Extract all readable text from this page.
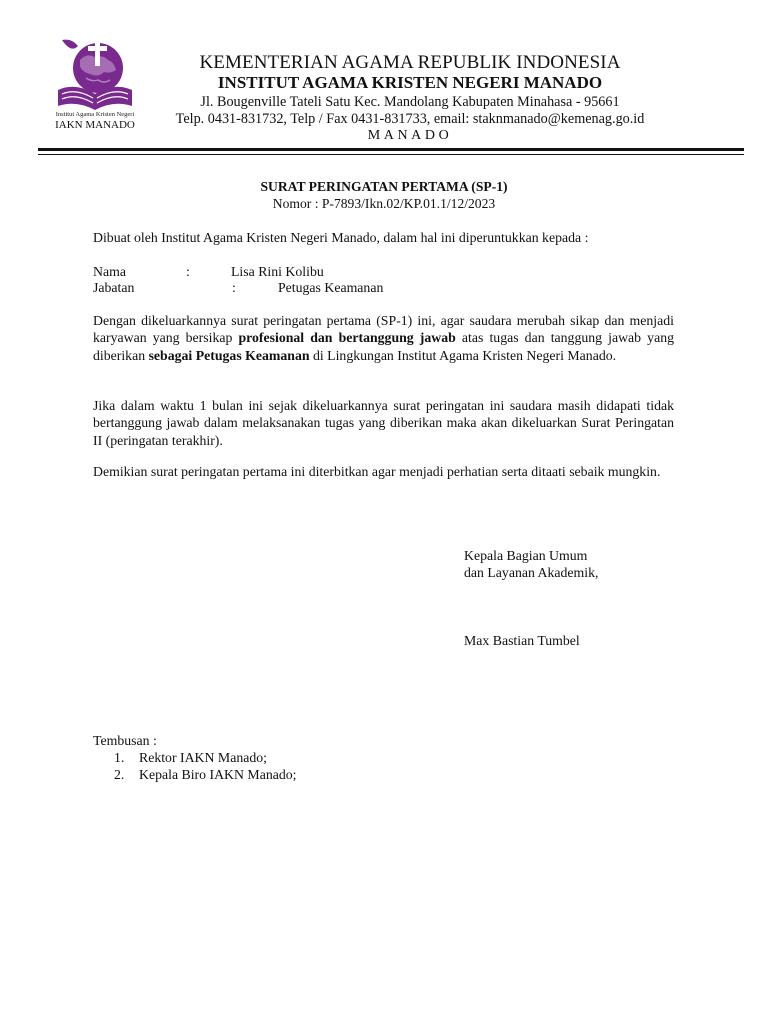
Institut Agama Kristen Negeri
IAKN MANADO
KEMENTERIAN AGAMA REPUBLIK INDONESIA
INSTITUT AGAMA KRISTEN NEGERI MANADO
Jl. Bougenville Tateli Satu Kec. Mandolang Kabupaten Minahasa - 95661
Telp. 0431-831732, Telp / Fax 0431-831733, email: staknmanado@kemenag.go.id
MANADO
SURAT PERINGATAN PERTAMA (SP-1)
Nomor : P-7893/Ikn.02/KP.01.1/12/2023
Dibuat oleh Institut Agama Kristen Negeri Manado, dalam hal ini diperuntukkan kepada :
Nama	:	Lisa Rini Kolibu
Jabatan	:	Petugas Keamanan
Dengan dikeluarkannya surat peringatan pertama (SP-1) ini, agar saudara merubah sikap dan menjadi karyawan yang bersikap profesional dan bertanggung jawab atas tugas dan tanggung jawab yang diberikan sebagai Petugas Keamanan di Lingkungan Institut Agama Kristen Negeri Manado.
Jika dalam waktu 1 bulan ini sejak dikeluarkannya surat peringatan ini saudara masih didapati tidak bertanggung jawab dalam melaksanakan tugas yang diberikan maka akan dikeluarkan Surat Peringatan II (peringatan terakhir).
Demikian surat peringatan pertama ini diterbitkan agar menjadi perhatian serta ditaati sebaik mungkin.
Kepala Bagian Umum
dan Layanan Akademik,
Max Bastian Tumbel
Tembusan :
1. Rektor IAKN Manado;
2. Kepala Biro IAKN Manado;
